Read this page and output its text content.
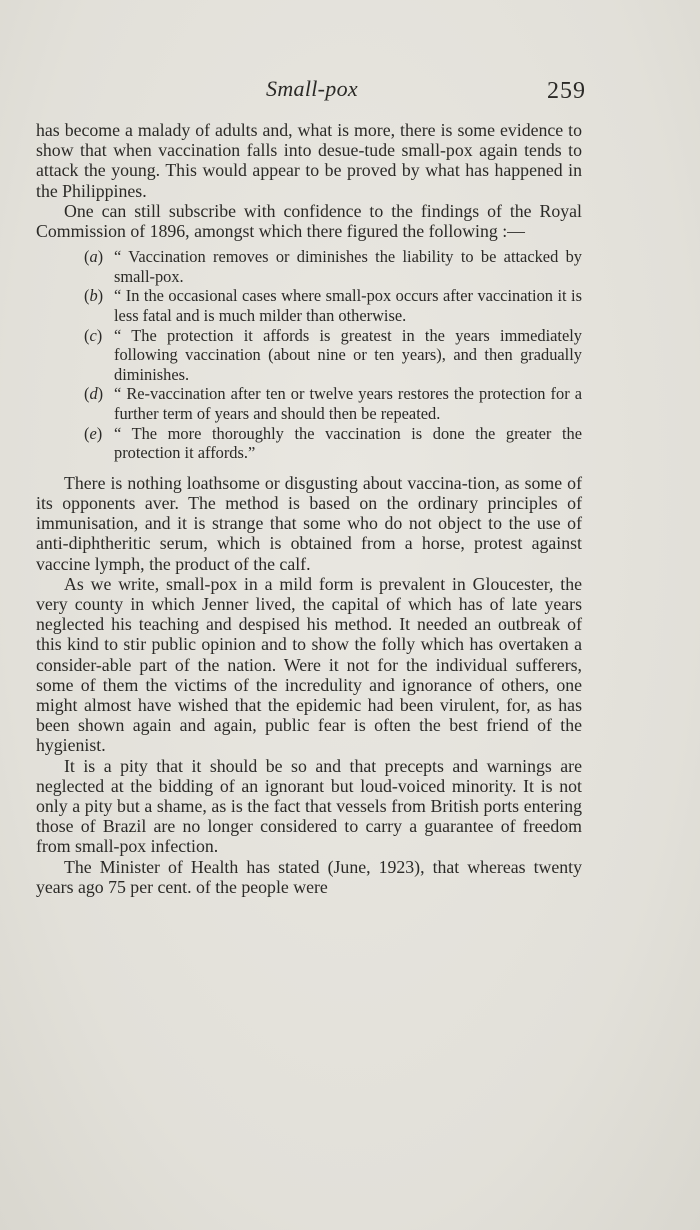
Small-pox	259

has become a malady of adults and, what is more, there is some evidence to show that when vaccination falls into desue-tude small-pox again tends to attack the young. This would appear to be proved by what has happened in the Philippines.

One can still subscribe with confidence to the findings of the Royal Commission of 1896, amongst which there figured the following :—

(a) “ Vaccination removes or diminishes the liability to be attacked by small-pox.
(b) “ In the occasional cases where small-pox occurs after vaccination it is less fatal and is much milder than otherwise.
(c) “ The protection it affords is greatest in the years immediately following vaccination (about nine or ten years), and then gradually diminishes.
(d) “ Re-vaccination after ten or twelve years restores the protection for a further term of years and should then be repeated.
(e) “ The more thoroughly the vaccination is done the greater the protection it affords.”

There is nothing loathsome or disgusting about vaccina-tion, as some of its opponents aver. The method is based on the ordinary principles of immunisation, and it is strange that some who do not object to the use of anti-diphtheritic serum, which is obtained from a horse, protest against vaccine lymph, the product of the calf.

As we write, small-pox in a mild form is prevalent in Gloucester, the very county in which Jenner lived, the capital of which has of late years neglected his teaching and despised his method. It needed an outbreak of this kind to stir public opinion and to show the folly which has overtaken a consider-able part of the nation. Were it not for the individual sufferers, some of them the victims of the incredulity and ignorance of others, one might almost have wished that the epidemic had been virulent, for, as has been shown again and again, public fear is often the best friend of the hygienist.

It is a pity that it should be so and that precepts and warnings are neglected at the bidding of an ignorant but loud-voiced minority. It is not only a pity but a shame, as is the fact that vessels from British ports entering those of Brazil are no longer considered to carry a guarantee of freedom from small-pox infection.

The Minister of Health has stated (June, 1923), that whereas twenty years ago 75 per cent. of the people were
